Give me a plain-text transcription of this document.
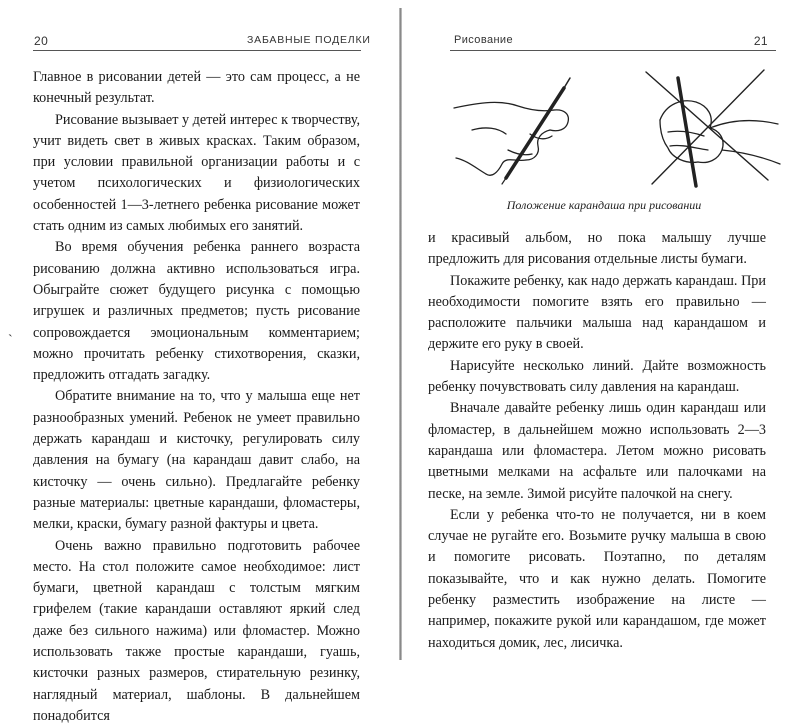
`
20	ЗАБАВНЫЕ ПОДЕЛКИ

Главное в рисовании детей — это сам процесс, а не конечный результат.

Рисование вызывает у детей интерес к творчеству, учит видеть свет в живых красках. Таким образом, при условии правильной организации работы и с учетом психологических и физиологических особенностей 1—3-летнего ребенка рисование может стать одним из самых любимых его занятий.

Во время обучения ребенка раннего возраста рисованию должна активно использоваться игра. Обыграйте сюжет будущего рисунка с помощью игрушек и различных предметов; пусть рисование сопровождается эмоциональным комментарием; можно прочитать ребенку стихотворения, сказки, предложить отгадать загадку.

Обратите внимание на то, что у малыша еще нет разнообразных умений. Ребенок не умеет правильно держать карандаш и кисточку, регулировать силу давления на бумагу (на карандаш давит слабо, на кисточку — очень сильно). Предлагайте ребенку разные материалы: цветные карандаши, фломастеры, мелки, краски, бумагу разной фактуры и цвета.

Очень важно правильно подготовить рабочее место. На стол положите самое необходимое: лист бумаги, цветной карандаш с толстым мягким грифелем (такие карандаши оставляют яркий след даже без сильного нажима) или фломастер. Можно использовать также простые карандаши, гуашь, кисточки разных размеров, стирательную резинку, наглядный материал, шаблоны. В дальнейшем понадобится

Рисование	21
Положение карандаша при рисовании

и красивый альбом, но пока малышу лучше предложить для рисования отдельные листы бумаги.

Покажите ребенку, как надо держать карандаш. При необходимости помогите взять его правильно — расположите пальчики малыша над карандашом и держите его руку в своей.

Нарисуйте несколько линий. Дайте возможность ребенку почувствовать силу давления на карандаш.

Вначале давайте ребенку лишь один карандаш или фломастер, в дальнейшем можно использовать 2—3 карандаша или фломастера. Летом можно рисовать цветными мелками на асфальте или палочками на песке, на земле. Зимой рисуйте палочкой на снегу.

Если у ребенка что-то не получается, ни в коем случае не ругайте его. Возьмите ручку малыша в свою и помогите рисовать. Поэтапно, по деталям показывайте, что и как нужно делать. Помогите ребенку разместить изображение на листе — например, покажите рукой или карандашом, где может находиться домик, лес, лисичка.
